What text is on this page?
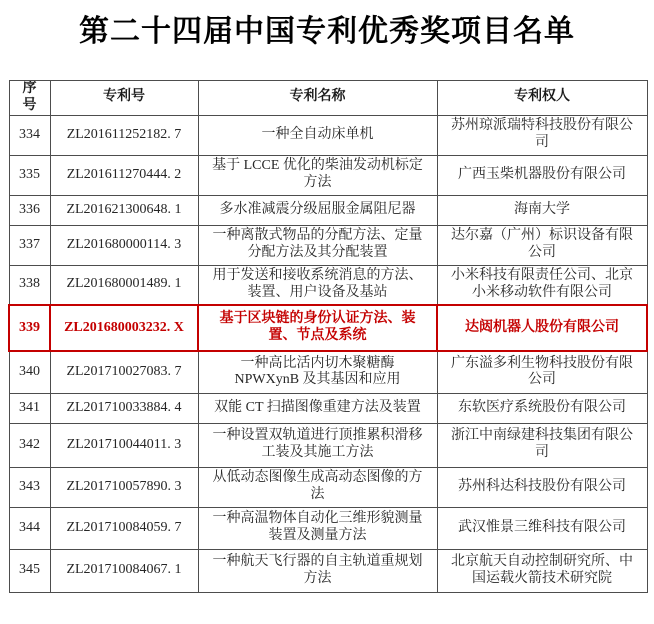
第二十四届中国专利优秀奖项目名单
序号	专利号	专利名称	专利权人
334	ZL201611252182. 7	一种全自动床单机	苏州琼派瑞特科技股份有限公司
335	ZL201611270444. 2	基于 LCCE 优化的柴油发动机标定方法	广西玉柴机器股份有限公司
336	ZL201621300648. 1	多水准减震分级屈服金属阻尼器	海南大学
337	ZL201680000114. 3	一种离散式物品的分配方法、定量分配方法及其分配装置	达尔嘉（广州）标识设备有限公司
338	ZL201680001489. 1	用于发送和接收系统消息的方法、装置、用户设备及基站	小米科技有限责任公司、北京小米移动软件有限公司
339	ZL201680003232. X	基于区块链的身份认证方法、装置、节点及系统	达闼机器人股份有限公司
340	ZL201710027083. 7	一种高比活内切木聚糖酶 NPWXynB 及其基因和应用	广东溢多利生物科技股份有限公司
341	ZL201710033884. 4	双能 CT 扫描图像重建方法及装置	东软医疗系统股份有限公司
342	ZL201710044011. 3	一种设置双轨道进行顶推累积滑移工装及其施工方法	浙江中南绿建科技集团有限公司
343	ZL201710057890. 3	从低动态图像生成高动态图像的方法	苏州科达科技股份有限公司
344	ZL201710084059. 7	一种高温物体自动化三维形貌测量装置及测量方法	武汉惟景三维科技有限公司
345	ZL201710084067. 1	一种航天飞行器的自主轨道重规划方法	北京航天自动控制研究所、中国运载火箭技术研究院
